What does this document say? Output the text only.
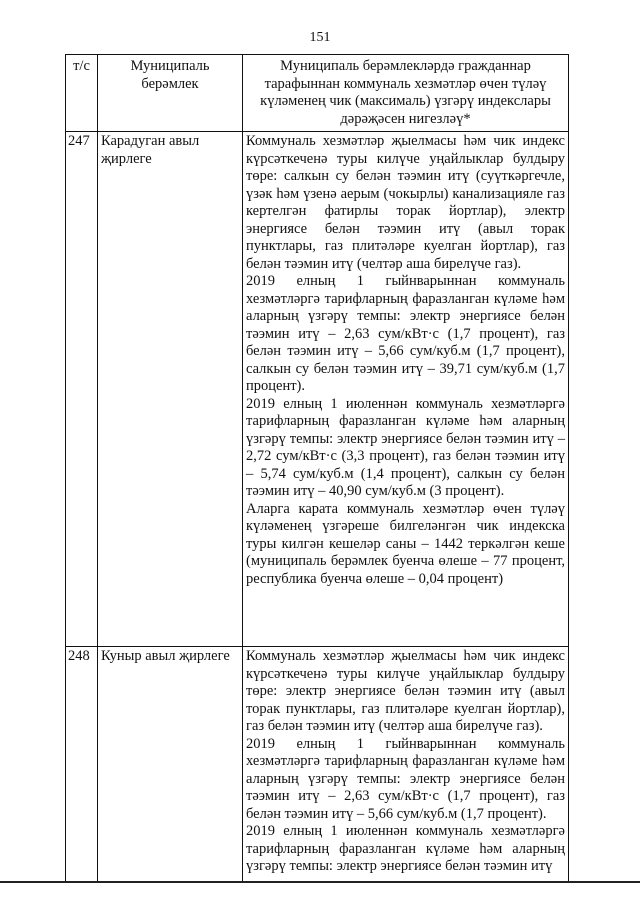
151
т/с	Муниципаль берәмлек	Муниципаль берәмлекләрдә гражданнар тарафыннан коммуналь хезмәтләр өчен түләү күләменең чик (максималь) үзгәрү индекслары дәрәҗәсен нигезләү*
247	Карадуган авыл җирлеге	Коммуналь хезмәтләр җыелмасы һәм чик индекс күрсәткеченә туры килүче уңайлыклар булдыру төре: салкын су белән тәэмин итү (суүткәргечле, үзәк һәм үзенә аерым (чокырлы) канализацияле газ кертелгән фатирлы торак йортлар), электр энергиясе белән тәэмин итү (авыл торак пунктлары, газ плитәләре куелган йортлар), газ белән тәэмин итү (челтәр аша бирелүче газ).

2019 елның 1 гыйнварыннан коммуналь хезмәтләргә тарифларның фаразланган күләме һәм аларның үзгәрү темпы: электр энергиясе белән тәэмин итү – 2,63 сум/кВт·с (1,7 процент), газ белән тәэмин итү – 5,66 сум/куб.м (1,7 процент), салкын су белән тәэмин итү – 39,71 сум/куб.м (1,7 процент).

2019 елның 1 июленнән коммуналь хезмәтләргә тарифларның фаразланган күләме һәм аларның үзгәрү темпы: электр энергиясе белән тәэмин итү – 2,72 сум/кВт·с (3,3 процент), газ белән тәэмин итү – 5,74 сум/куб.м (1,4 процент), салкын су белән тәэмин итү – 40,90 сум/куб.м (3 процент).

Аларга карата коммуналь хезмәтләр өчен түләү күләменең үзгәреше билгеләнгән чик индекска туры килгән кешеләр саны – 1442 теркәлгән кеше (муниципаль берәмлек буенча өлеше – 77 процент, республика буенча өлеше – 0,04 процент)

248	Куныр авыл җирлеге	Коммуналь хезмәтләр җыелмасы һәм чик индекс күрсәткеченә туры килүче уңайлыклар булдыру төре: электр энергиясе белән тәэмин итү (авыл торак пунктлары, газ плитәләре куелган йортлар), газ белән тәэмин итү (челтәр аша бирелүче газ).

2019 елның 1 гыйнварыннан коммуналь хезмәтләргә тарифларның фаразланган күләме һәм аларның үзгәрү темпы: электр энергиясе белән тәэмин итү – 2,63 сум/кВт·с (1,7 процент), газ белән тәэмин итү – 5,66 сум/куб.м (1,7 процент).

2019 елның 1 июленнән коммуналь хезмәтләргә тарифларның фаразланган күләме һәм аларның үзгәрү темпы: электр энергиясе белән тәэмин итү
